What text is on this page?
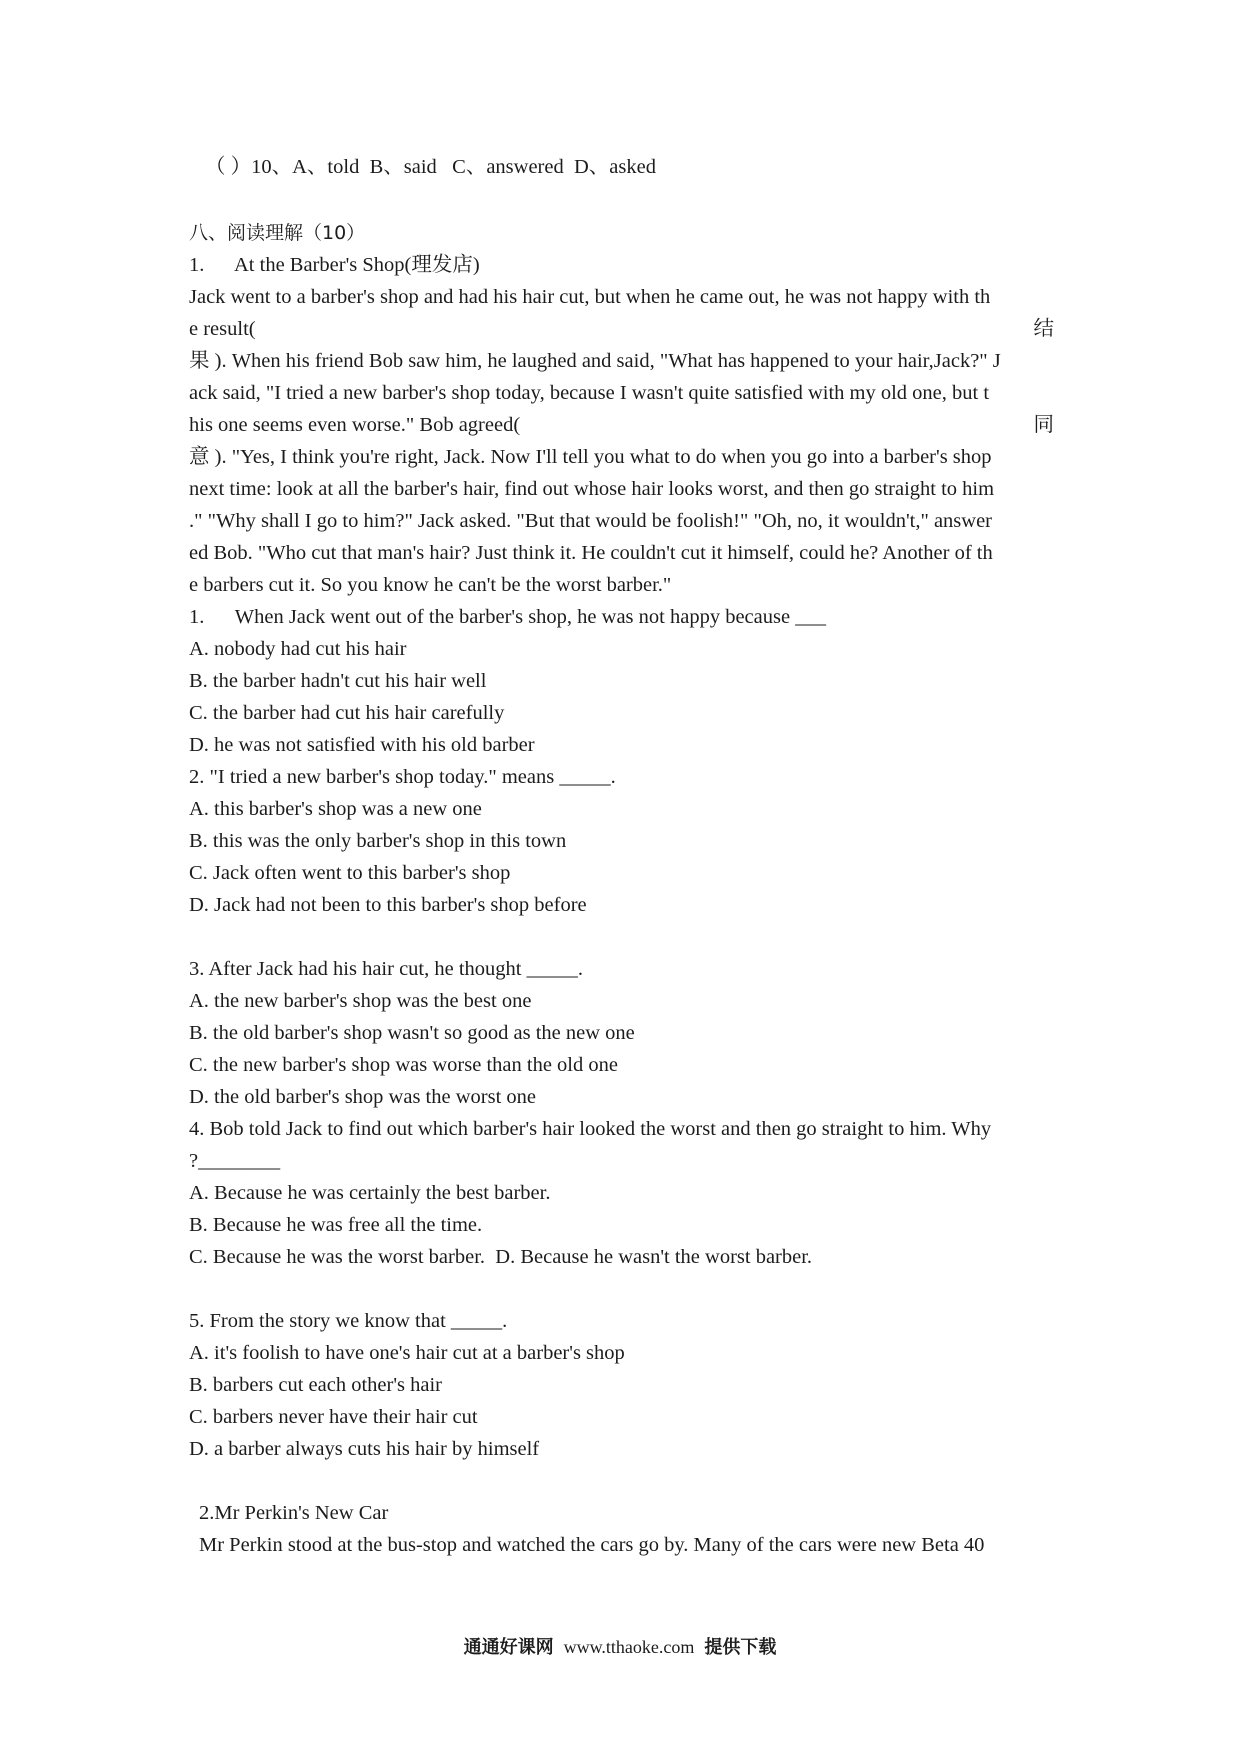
（ ）10、A、told  B、said   C、answered  D、asked
八、阅读理解（10）
1.      At the Barber's Shop(理发店)
Jack went to a barber's shop and had his hair cut, but when he came out, he was not happy with th
e result(	结
果 ). When his friend Bob saw him, he laughed and said, "What has happened to your hair,Jack?" J
ack said, "I tried a new barber's shop today, because I wasn't quite satisfied with my old one, but t
his one seems even worse." Bob agreed(	同
意 ). "Yes, I think you're right, Jack. Now I'll tell you what to do when you go into a barber's shop
next time: look at all the barber's hair, find out whose hair looks worst, and then go straight to him
." "Why shall I go to him?" Jack asked. "But that would be foolish!" "Oh, no, it wouldn't," answer
ed Bob. "Who cut that man's hair? Just think it. He couldn't cut it himself, could he? Another of th
e barbers cut it. So you know he can't be the worst barber."
1.      When Jack went out of the barber's shop, he was not happy because ___
A. nobody had cut his hair
B. the barber hadn't cut his hair well
C. the barber had cut his hair carefully
D. he was not satisfied with his old barber
2. "I tried a new barber's shop today." means _____.
A. this barber's shop was a new one
B. this was the only barber's shop in this town
C. Jack often went to this barber's shop
D. Jack had not been to this barber's shop before
3. After Jack had his hair cut, he thought _____.
A. the new barber's shop was the best one
B. the old barber's shop wasn't so good as the new one
C. the new barber's shop was worse than the old one
D. the old barber's shop was the worst one
4. Bob told Jack to find out which barber's hair looked the worst and then go straight to him. Why
?________
A. Because he was certainly the best barber.
B. Because he was free all the time.
C. Because he was the worst barber.  D. Because he wasn't the worst barber.
5. From the story we know that _____.
A. it's foolish to have one's hair cut at a barber's shop
B. barbers cut each other's hair
C. barbers never have their hair cut
D. a barber always cuts his hair by himself
2.Mr Perkin's New Car
Mr Perkin stood at the bus-stop and watched the cars go by. Many of the cars were new Beta 40
通通好课网 www.tthaoke.com 提供下载
